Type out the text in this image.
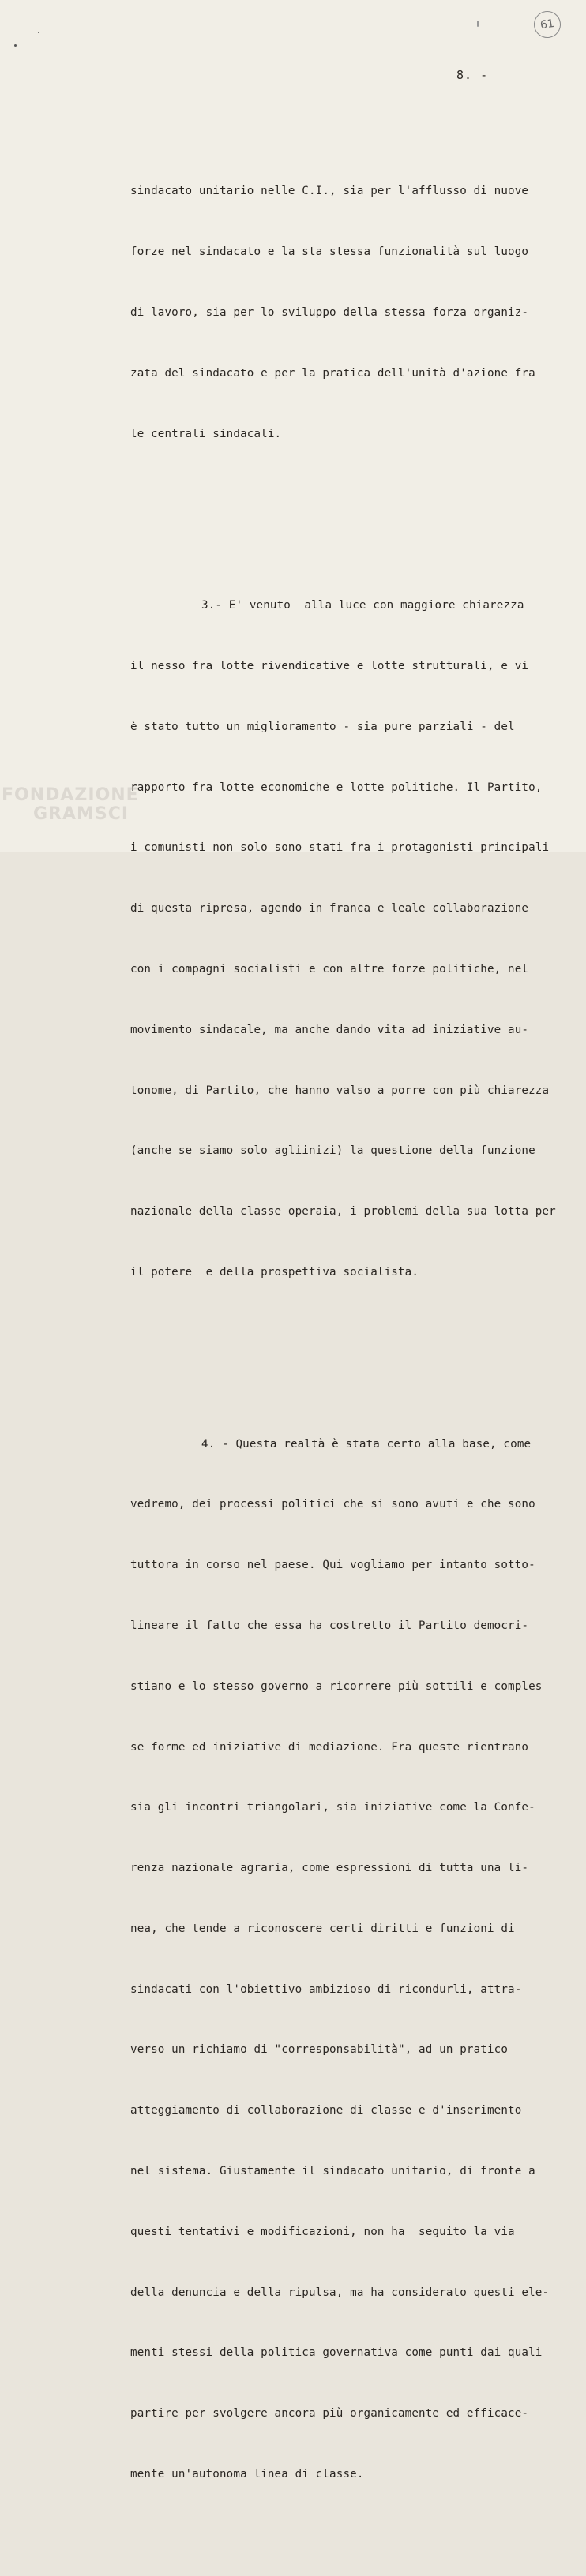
61
8. -

sindacato unitario nelle C.I., sia per l'afflusso di nuove

forze nel sindacato e la sta stessa funzionalità sul luogo

di lavoro, sia per lo sviluppo della stessa forza organiz-

zata del sindacato e per la pratica dell'unità d'azione fra

le centrali sindacali.

3.- E' venuto  alla luce con maggiore chiarezza

il nesso fra lotte rivendicative e lotte strutturali, e vi

è stato tutto un miglioramento - sia pure parziali - del

rapporto fra lotte economiche e lotte politiche. Il Partito,

i comunisti non solo sono stati fra i protagonisti principali

di questa ripresa, agendo in franca e leale collaborazione

con i compagni socialisti e con altre forze politiche, nel

movimento sindacale, ma anche dando vita ad iniziative au-

tonome, di Partito, che hanno valso a porre con più chiarezza

(anche se siamo solo agliinizi) la questione della funzione

nazionale della classe operaia, i problemi della sua lotta per

il potere  e della prospettiva socialista.

4. - Questa realtà è stata certo alla base, come

vedremo, dei processi politici che si sono avuti e che sono

tuttora in corso nel paese. Qui vogliamo per intanto sotto-

lineare il fatto che essa ha costretto il Partito democri-

stiano e lo stesso governo a ricorrere più sottili e comples

se forme ed iniziative di mediazione. Fra queste rientrano

sia gli incontri triangolari, sia iniziative come la Confe-

renza nazionale agraria, come espressioni di tutta una li-

nea, che tende a riconoscere certi diritti e funzioni di

sindacati con l'obiettivo ambizioso di ricondurli, attra-

verso un richiamo di "corresponsabilità", ad un pratico

atteggiamento di collaborazione di classe e d'inserimento

nel sistema. Giustamente il sindacato unitario, di fronte a

questi tentativi e modificazioni, non ha  seguito la via

della denuncia e della ripulsa, ma ha considerato questi ele-

menti stessi della politica governativa come punti dai quali

partire per svolgere ancora più organicamente ed efficace-

mente un'autonoma linea di classe.

FONDAZIONE
GRAMSCI
